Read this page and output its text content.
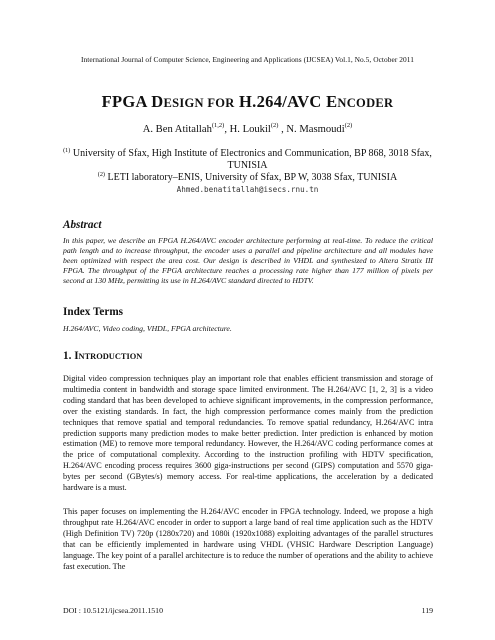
International Journal of Computer Science, Engineering and Applications (IJCSEA) Vol.1, No.5, October 2011
FPGA DESIGN FOR H.264/AVC ENCODER
A. Ben Atitallah$^{(1,2)}$, H. Loukil$^{(2)}$ , N. Masmoudi$^{(2)}$
$^{(1)}$ University of Sfax, High Institute of Electronics and Communication, BP 868, 3018 Sfax, TUNISIA
$^{(2)}$ LETI laboratory–ENIS, University of Sfax, BP W, 3038 Sfax, TUNISIA
Ahmed.benatitallah@isecs.rnu.tn
Abstract
In this paper, we describe an FPGA H.264/AVC encoder architecture performing at real-time. To reduce the critical path length and to increase throughput, the encoder uses a parallel and pipeline architecture and all modules have been optimized with respect the area cost. Our design is described in VHDL and synthesized to Altera Stratix III FPGA. The throughput of the FPGA architecture reaches a processing rate higher than 177 million of pixels per second at 130 MHz, permitting its use in H.264/AVC standard directed to HDTV.
Index Terms
H.264/AVC, Video coding, VHDL, FPGA architecture.
1. INTRODUCTION
Digital video compression techniques play an important role that enables efficient transmission and storage of multimedia content in bandwidth and storage space limited environment. The H.264/AVC [1, 2, 3] is a video coding standard that has been developed to achieve significant improvements, in the compression performance, over the existing standards. In fact, the high compression performance comes mainly from the prediction techniques that remove spatial and temporal redundancies. To remove spatial redundancy, H.264/AVC intra prediction supports many prediction modes to make better prediction. Inter prediction is enhanced by motion estimation (ME) to remove more temporal redundancy. However, the H.264/AVC coding performance comes at the price of computational complexity. According to the instruction profiling with HDTV specification, H.264/AVC encoding process requires 3600 giga-instructions per second (GIPS) computation and 5570 giga-bytes per second (GBytes/s) memory access. For real-time applications, the acceleration by a dedicated hardware is a must.
This paper focuses on implementing the H.264/AVC encoder in FPGA technology. Indeed, we propose a high throughput rate H.264/AVC encoder in order to support a large band of real time application such as the HDTV (High Definition TV) 720p (1280x720) and 1080i (1920x1088) exploiting advantages of the parallel structures that can be efficiently implemented in hardware using VHDL (VHSIC Hardware Description Language) language. The key point of a parallel architecture is to reduce the number of operations and the ability to achieve fast execution. The
DOI : 10.5121/ijcsea.2011.1510	119
